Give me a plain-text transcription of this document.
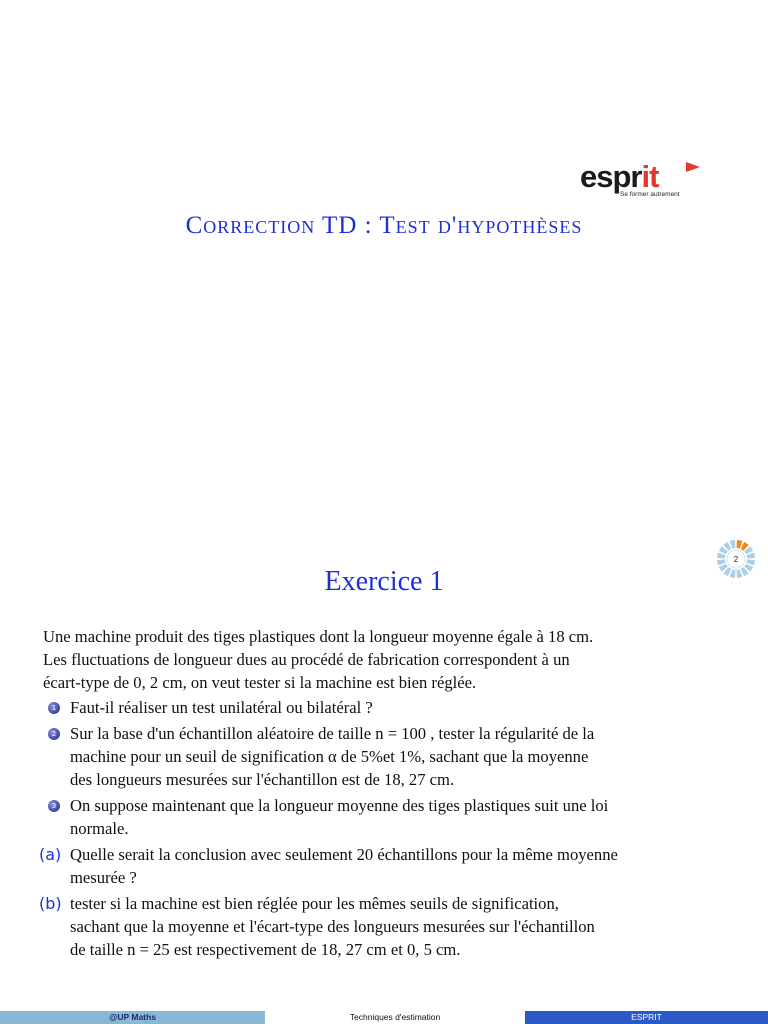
esprit
Se former autrement
Correction TD : Test d'hypothèses
2
Exercice 1

Une machine produit des tiges plastiques dont la longueur moyenne égale à 18 cm.
Les fluctuations de longueur dues au procédé de fabrication correspondent à un
écart-type de 0, 2 cm, on veut tester si la machine est bien réglée.

1 Faut-il réaliser un test unilatéral ou bilatéral ?
2 Sur la base d'un échantillon aléatoire de taille n = 100 , tester la régularité de la
machine pour un seuil de signification α de 5%et 1%, sachant que la moyenne
des longueurs mesurées sur l'échantillon est de 18, 27 cm.
3 On suppose maintenant que la longueur moyenne des tiges plastiques suit une loi
normale.
(a) Quelle serait la conclusion avec seulement 20 échantillons pour la même moyenne
mesurée ?
(b) tester si la machine est bien réglée pour les mêmes seuils de signification,
sachant que la moyenne et l'écart-type des longueurs mesurées sur l'échantillon
de taille n = 25 est respectivement de 18, 27 cm et 0, 5 cm.
@UP Maths	Techniques d'estimation	ESPRIT
